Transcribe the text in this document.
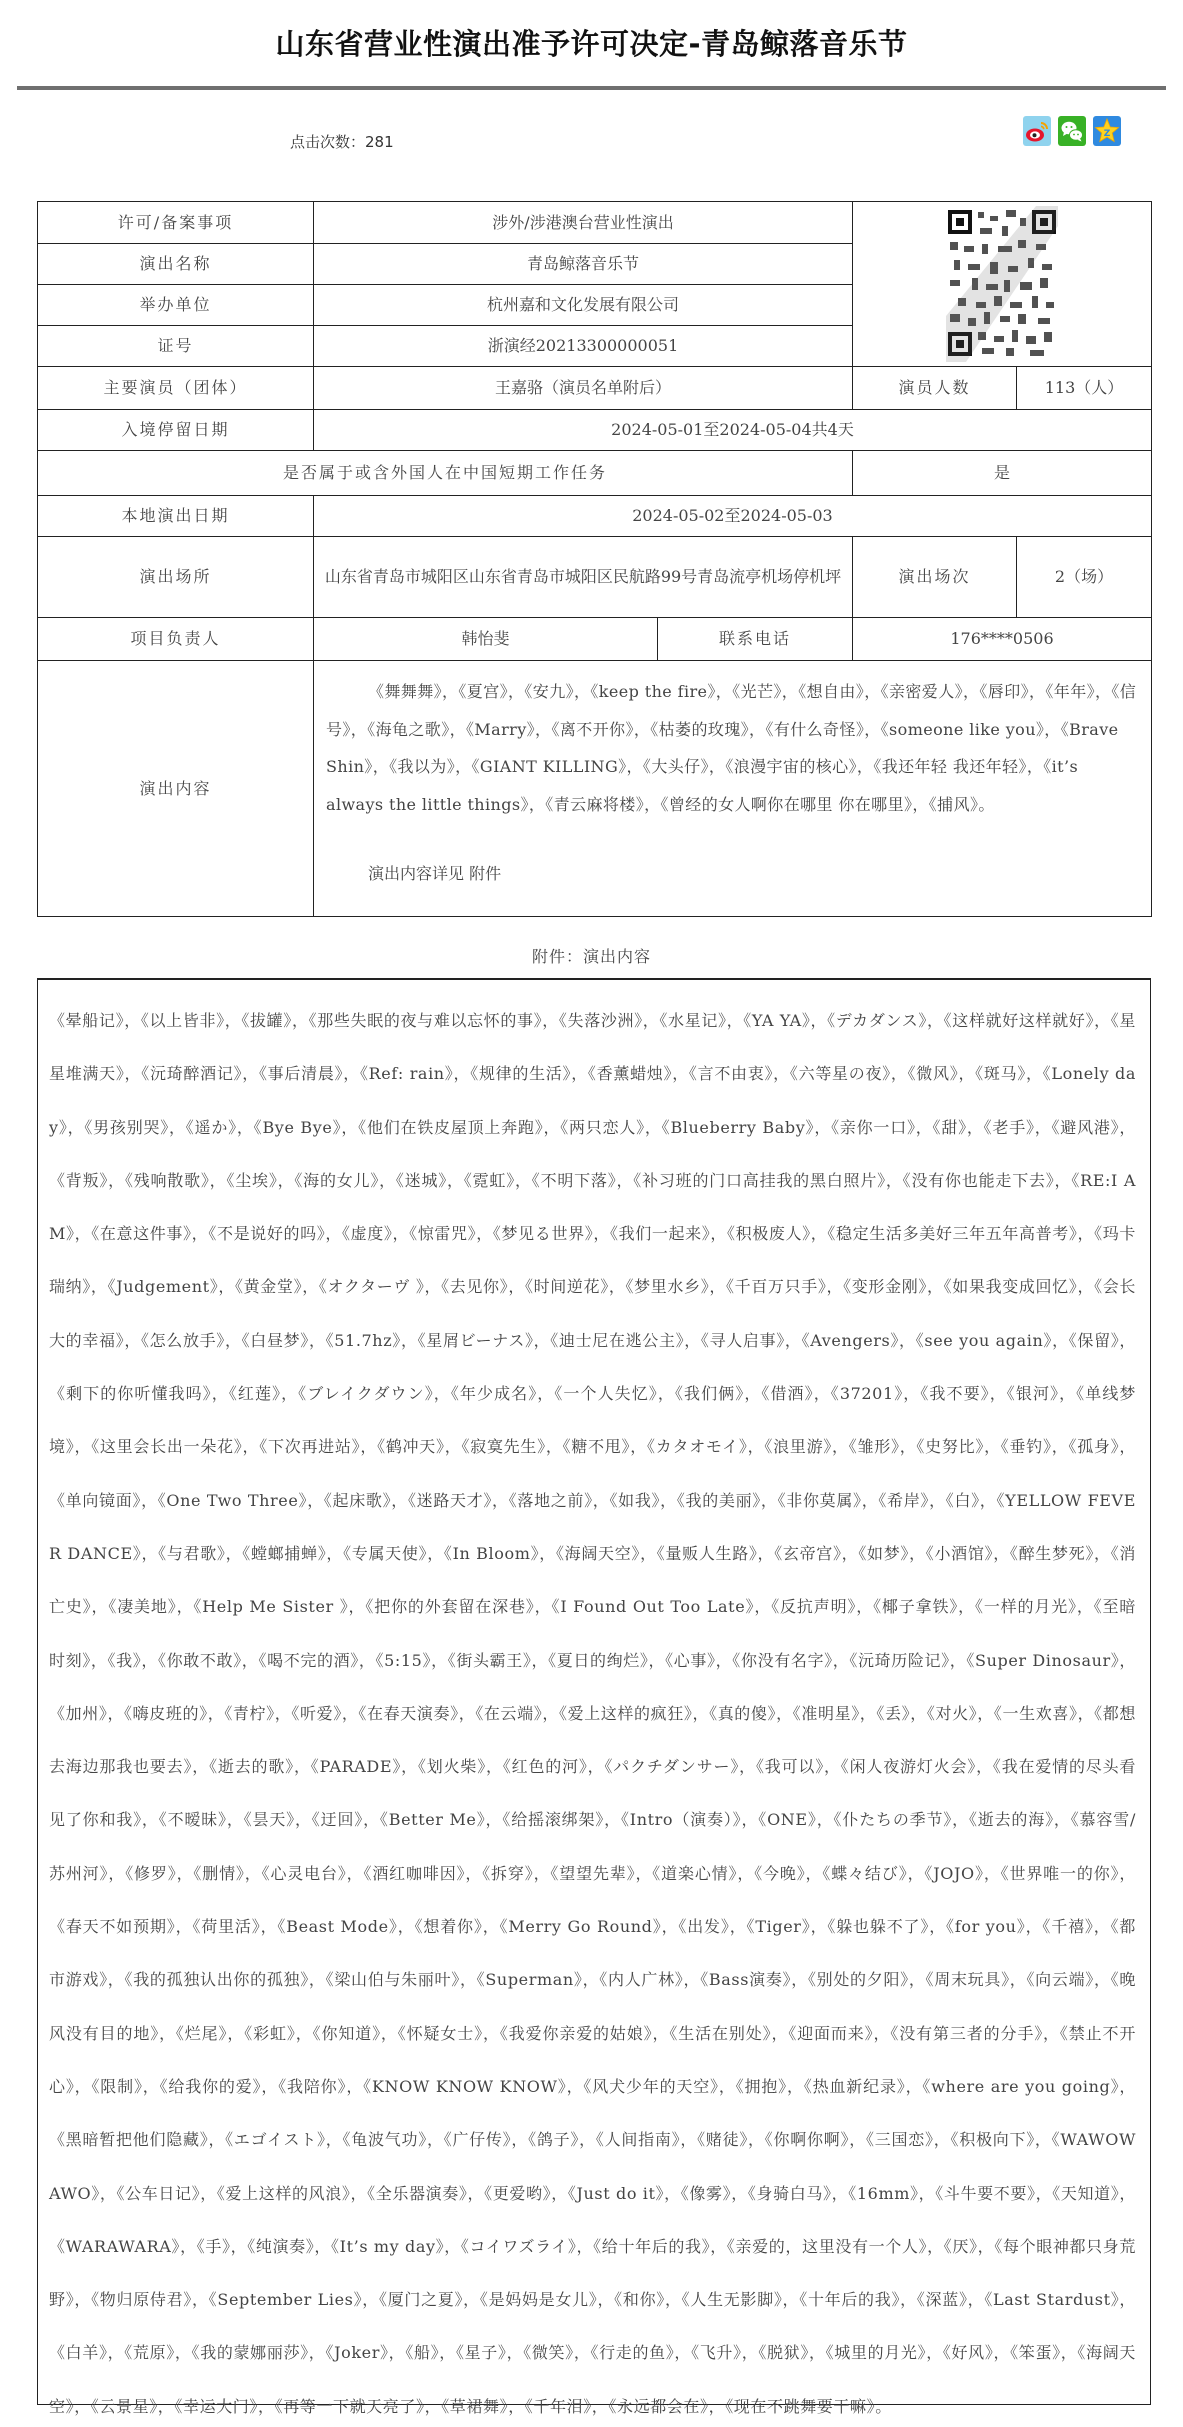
山东省营业性演出准予许可决定-青岛鲸落音乐节
点击次数：281	Z
许可/备案事项	涉外/涉港澳台营业性演出	

演出名称	青岛鲸落音乐节			
举办单位	杭州嘉和文化发展有限公司			
证号	浙演经20213300000051			
主要演员（团体）	王嘉骆（演员名单附后）		演员人数	113（人）
入境停留日期	2024-05-01至2024-05-04共4天			
是否属于或含外国人在中国短期工作任务			是	
本地演出日期	2024-05-02至2024-05-03			
演出场所	山东省青岛市城阳区山东省青岛市城阳区民航路99号青岛流亭机场停机坪		演出场次	2（场）
项目负责人	韩怡斐	联系电话	176****0506	
演出内容	《舞舞舞》，《夏宫》，《安九》，《keep the fire》，《光芒》，《想自由》，《亲密爱人》，《唇印》，《年年》，《信号》，《海龟之歌》，《Marry》，《离不开你》，《枯萎的玫瑰》，《有什么奇怪》，《someone like you》，《Brave Shin》，《我以为》，《GIANT KILLING》，《大头仔》，《浪漫宇宙的核心》，《我还年轻 我还年轻》，《it’s always the little things》，《青云麻将楼》，《曾经的女人啊你在哪里 你在哪里》，《捕风》。
演出内容详见 附件			
附件：演出内容
《晕船记》，《以上皆非》，《拔罐》，《那些失眠的夜与难以忘怀的事》，《失落沙洲》，《水星记》，《YA YA》，《デカダンス》，《这样就好这样就好》，《星星堆满天》，《沅琦醉酒记》，《事后清晨》，《Ref: rain》，《规律的生活》，《香薰蜡烛》，《言不由衷》，《六等星の夜》，《微风》，《斑马》，《Lonely day》，《男孩别哭》，《遥か》，《Bye Bye》，《他们在铁皮屋顶上奔跑》，《两只恋人》，《Blueberry Baby》，《亲你一口》，《甜》，《老手》，《避风港》，《背叛》，《残响散歌》，《尘埃》，《海的女儿》，《迷城》，《霓虹》，《不明下落》，《补习班的门口高挂我的黑白照片》，《没有你也能走下去》，《RE:I AM》，《在意这件事》，《不是说好的吗》，《虚度》，《惊雷咒》，《梦见る世界》，《我们一起来》，《积极废人》，《稳定生活多美好三年五年高普考》，《玛卡瑞纳》，《Judgement》，《黄金堂》，《オクターヴ 》，《去见你》，《时间逆花》，《梦里水乡》，《千百万只手》，《变形金刚》，《如果我变成回忆》，《会长大的幸福》，《怎么放手》，《白昼梦》，《51.7hz》，《星屑ビーナス》，《迪士尼在逃公主》，《寻人启事》，《Avengers》，《see you again》，《保留》，《剩下的你听懂我吗》，《红莲》，《ブレイクダウン》，《年少成名》，《一个人失忆》，《我们俩》，《借酒》，《37201》，《我不要》，《银河》，《单线梦境》，《这里会长出一朵花》，《下次再进站》，《鹤冲天》，《寂寞先生》，《糖不甩》，《カタオモイ》，《浪里游》，《雏形》，《史努比》，《垂钓》，《孤身》，《单向镜面》，《One Two Three》，《起床歌》，《迷路天才》，《落地之前》，《如我》，《我的美丽》，《非你莫属》，《希岸》，《白》，《YELLOW FEVER DANCE》，《与君歌》，《螳螂捕蝉》，《专属天使》，《In Bloom》，《海阔天空》，《量贩人生路》，《玄帝宫》，《如梦》，《小酒馆》，《醉生梦死》，《消亡史》，《凄美地》，《Help Me Sister 》，《把你的外套留在深巷》，《I Found Out Too Late》，《反抗声明》，《椰子拿铁》，《一样的月光》，《至暗时刻》，《我》，《你敢不敢》，《喝不完的酒》，《5:15》，《街头霸王》，《夏日的绚烂》，《心事》，《你没有名字》，《沅琦历险记》，《Super Dinosaur》，《加州》，《嗨皮班的》，《青柠》，《听爱》，《在春天演奏》，《在云端》，《爱上这样的疯狂》，《真的傻》，《准明星》，《丢》，《对火》，《一生欢喜》，《都想去海边那我也要去》，《逝去的歌》，《PARADE》，《划火柴》，《红色的河》，《パクチダンサー》，《我可以》，《闲人夜游灯火会》，《我在爱情的尽头看见了你和我》，《不暧昧》，《昙天》，《迂回》，《Better Me》，《给摇滚绑架》，《Intro（演奏）》，《ONE》，《仆たちの季节》，《逝去的海》，《慕容雪/苏州河》，《修罗》，《删情》，《心灵电台》，《酒红咖啡因》，《拆穿》，《望望先辈》，《道楽心情》，《今晚》，《蝶々结び》，《JOJO》，《世界唯一的你》，《春天不如预期》，《荷里活》，《Beast Mode》，《想着你》，《Merry Go Round》，《出发》，《Tiger》，《躲也躲不了》，《for you》，《千禧》，《都市游戏》，《我的孤独认出你的孤独》，《梁山伯与朱丽叶》，《Superman》，《内人广林》，《Bass演奏》，《别处的夕阳》，《周末玩具》，《向云端》，《晚风没有目的地》，《烂尾》，《彩虹》，《你知道》，《怀疑女士》，《我爱你亲爱的姑娘》，《生活在别处》，《迎面而来》，《没有第三者的分手》，《禁止不开心》，《限制》，《给我你的爱》，《我陪你》，《KNOW KNOW KNOW》，《风犬少年的天空》，《拥抱》，《热血新纪录》，《where are you going》，《黑暗暂把他们隐藏》，《エゴイスト》，《龟波气功》，《广仔传》，《鸽子》，《人间指南》，《赌徒》，《你啊你啊》，《三国恋》，《积极向下》，《WAWOWAWO》，《公车日记》，《爱上这样的风浪》，《全乐器演奏》，《更爱哟》，《Just do it》，《像雾》，《身骑白马》，《16mm》，《斗牛要不要》，《天知道》，《WARAWARA》，《手》，《纯演奏》，《It’s my day》，《コイワズライ》，《给十年后的我》，《亲爱的，这里没有一个人》，《厌》，《每个眼神都只身荒野》，《物归原侍君》，《September Lies》，《厦门之夏》，《是妈妈是女儿》，《和你》，《人生无影脚》，《十年后的我》，《深蓝》，《Last Stardust》，《白羊》，《荒原》，《我的蒙娜丽莎》，《Joker》，《船》，《星子》，《微笑》，《行走的鱼》，《飞升》，《脱狱》，《城里的月光》，《好风》，《笨蛋》，《海阔天空》，《云景星》，《幸运大门》，《再等一下就天亮了》，《草裙舞》，《千年泪》，《永远都会在》，《现在不跳舞要干嘛》。
